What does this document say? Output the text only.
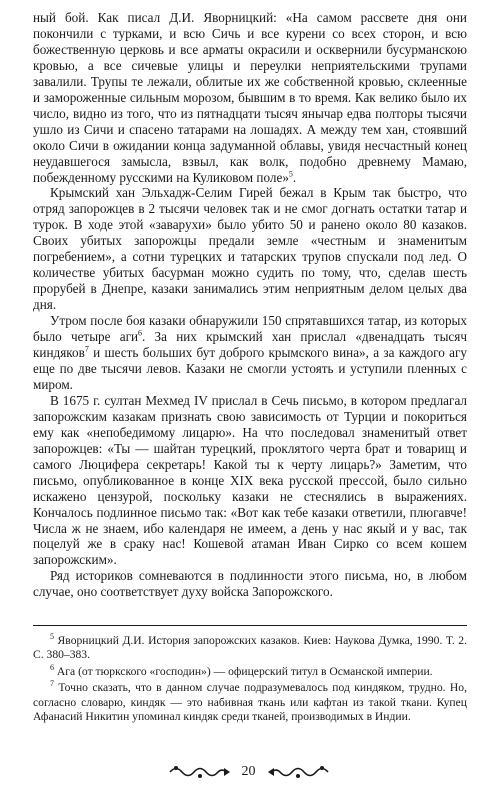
ный бой. Как писал Д.И. Яворницкий: «На самом рассвете дня они покончили с турками, и всю Сичь и все курени со всех сторон, и всю божественную церковь и все арматы окрасили и осквернили бусурманскою кровью, а все сичевые улицы и переулки неприятельскими трупами завалили. Трупы те лежали, облитые их же собственной кровью, склеенные и замороженные сильным морозом, бывшим в то время. Как велико было их число, видно из того, что из пятнадцати тысяч янычар едва полторы тысячи ушло из Сичи и спасено татарами на лошадях. А между тем хан, стоявший около Сичи в ожидании конца задуманной облавы, увидя несчастный конец неудавшегося замысла, взвыл, как волк, подобно древнему Мамаю, побежденному русскими на Куликовом поле»$^5$.

Крымский хан Эльхадж-Селим Гирей бежал в Крым так быстро, что отряд запорожцев в 2 тысячи человек так и не смог догнать остатки татар и турок. В ходе этой «заварухи» было убито 50 и ранено около 80 казаков. Своих убитых запорожцы предали земле «честным и знаменитым погребением», а сотни турецких и татарских трупов спускали под лед. О количестве убитых басурман можно судить по тому, что, сделав шесть прорубей в Днепре, казаки занимались этим неприятным делом целых два дня.

Утром после боя казаки обнаружили 150 спрятавшихся татар, из которых было четыре аги$^6$. За них крымский хан прислал «двенадцать тысяч киндяков$^7$ и шесть больших бут доброго крымского вина», а за каждого агу еще по две тысячи левов. Казаки не смогли устоять и уступили пленных с миром.

В 1675 г. султан Мехмед IV прислал в Сечь письмо, в котором предлагал запорожским казакам признать свою зависимость от Турции и покориться ему как «непобедимому лицарю». На что последовал знаменитый ответ запорожцев: «Ты — шайтан турецкий, проклятого черта брат и товарищ и самого Люцифера секретарь! Какой ты к черту лицарь?» Заметим, что письмо, опубликованное в конце XIX века русской прессой, было сильно искажено цензурой, поскольку казаки не стеснялись в выражениях. Кончалось подлинное письмо так: «Вот как тебе казаки ответили, плюгавче! Числа ж не знаем, ибо календаря не имеем, а день у нас якый и у вас, так поцелуй же в сраку нас! Кошевой атаман Иван Сирко со всем кошем запорожским».

Ряд историков сомневаются в подлинности этого письма, но, в любом случае, оно соответствует духу войска Запорожского.

$^5$ Яворницкий Д.И. История запорожских казаков. Киев: Наукова Думка, 1990. Т. 2. С. 380–383.

$^6$ Ага (от тюркского «господин») — офицерский титул в Османской империи.

$^7$ Точно сказать, что в данном случае подразумевалось под киндяком, трудно. Но, согласно словарю, киндяк — это набивная ткань или кафтан из такой ткани. Купец Афанасий Никитин упоминал киндяк среди тканей, производимых в Индии.

20
